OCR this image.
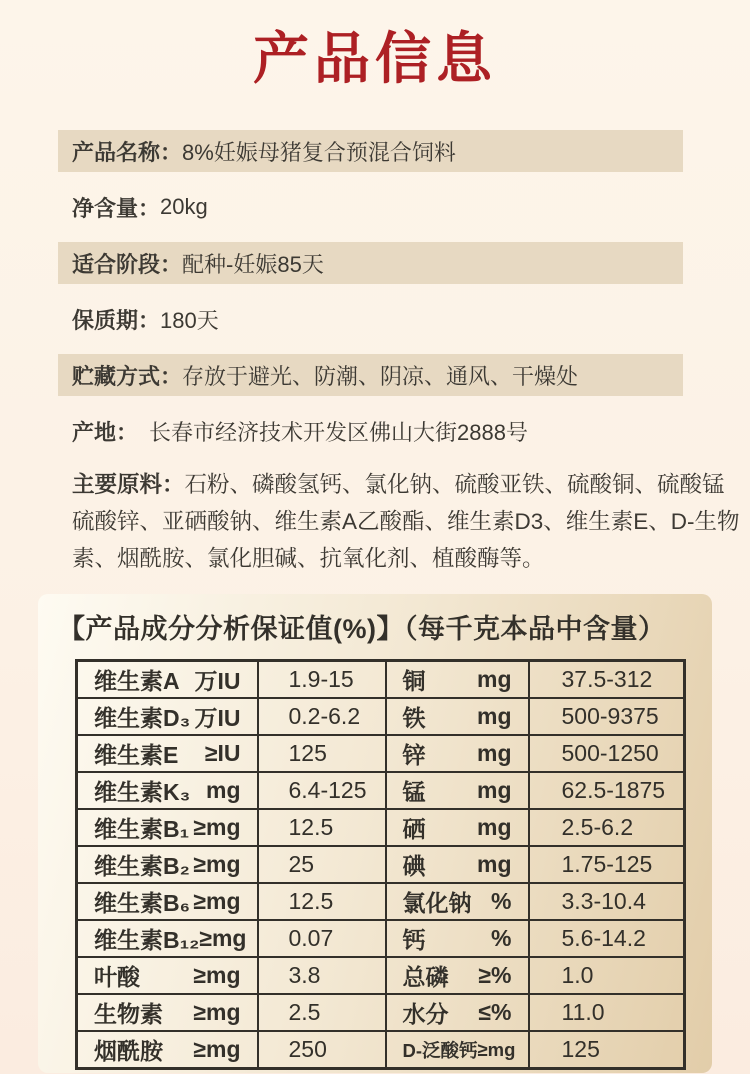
产品信息
产品名称： 8%妊娠母猪复合预混合饲料
净含量： 20kg
适合阶段： 配种-妊娠85天
保质期： 180天
贮藏方式： 存放于避光、防潮、阴凉、通风、干燥处
产地：　 长春市经济技术开发区佛山大街2888号
主要原料：石粉、磷酸氢钙、氯化钠、硫酸亚铁、硫酸铜、硫酸锰
硫酸锌、亚硒酸钠、维生素A乙酸酯、维生素D3、维生素E、D-生物
素、烟酰胺、氯化胆碱、抗氧化剂、植酸酶等。
【产品成分分析保证值(%)】（每千克本品中含量）
维生素A 万IU	1.9-15	铜 mg	37.5-312

维生素D₃ 万IU	0.2-6.2	铁 mg	500-9375

维生素E ≥IU	125	锌 mg	500-1250

维生素K₃ mg	6.4-125	锰 mg	62.5-1875

维生素B₁ ≥mg	12.5	硒 mg	2.5-6.2

维生素B₂ ≥mg	25	碘 mg	1.75-125

维生素B₆ ≥mg	12.5	氯化钠 %	3.3-10.4

维生素B₁₂ ≥mg	0.07	钙 %	5.6-14.2

叶酸 ≥mg	3.8	总磷 ≥%	1.0

生物素 ≥mg	2.5	水分 ≤%	11.0

烟酰胺 ≥mg	250	D-泛酸钙 ≥mg	125
